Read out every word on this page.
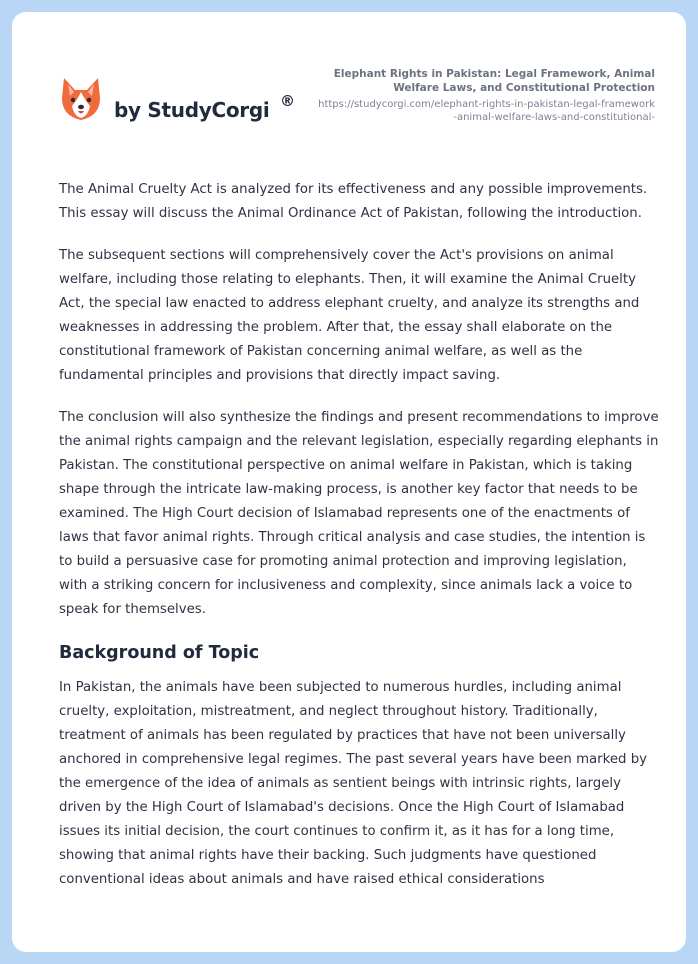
by StudyCorgi ®
Elephant Rights in Pakistan: Legal Framework, Animal Welfare Laws, and Constitutional Protection
https://studycorgi.com/elephant-rights-in-pakistan-legal-framework-animal-welfare-laws-and-constitutional-

The Animal Cruelty Act is analyzed for its effectiveness and any possible improvements. This essay will discuss the Animal Ordinance Act of Pakistan, following the introduction.

The subsequent sections will comprehensively cover the Act's provisions on animal welfare, including those relating to elephants. Then, it will examine the Animal Cruelty Act, the special law enacted to address elephant cruelty, and analyze its strengths and weaknesses in addressing the problem. After that, the essay shall elaborate on the constitutional framework of Pakistan concerning animal welfare, as well as the fundamental principles and provisions that directly impact saving.

The conclusion will also synthesize the findings and present recommendations to improve the animal rights campaign and the relevant legislation, especially regarding elephants in Pakistan. The constitutional perspective on animal welfare in Pakistan, which is taking shape through the intricate law-making process, is another key factor that needs to be examined. The High Court decision of Islamabad represents one of the enactments of laws that favor animal rights. Through critical analysis and case studies, the intention is to build a persuasive case for promoting animal protection and improving legislation, with a striking concern for inclusiveness and complexity, since animals lack a voice to speak for themselves.

Background of Topic

In Pakistan, the animals have been subjected to numerous hurdles, including animal cruelty, exploitation, mistreatment, and neglect throughout history. Traditionally, treatment of animals has been regulated by practices that have not been universally anchored in comprehensive legal regimes. The past several years have been marked by the emergence of the idea of animals as sentient beings with intrinsic rights, largely driven by the High Court of Islamabad's decisions. Once the High Court of Islamabad issues its initial decision, the court continues to confirm it, as it has for a long time, showing that animal rights have their backing. Such judgments have questioned conventional ideas about animals and have raised ethical considerations
